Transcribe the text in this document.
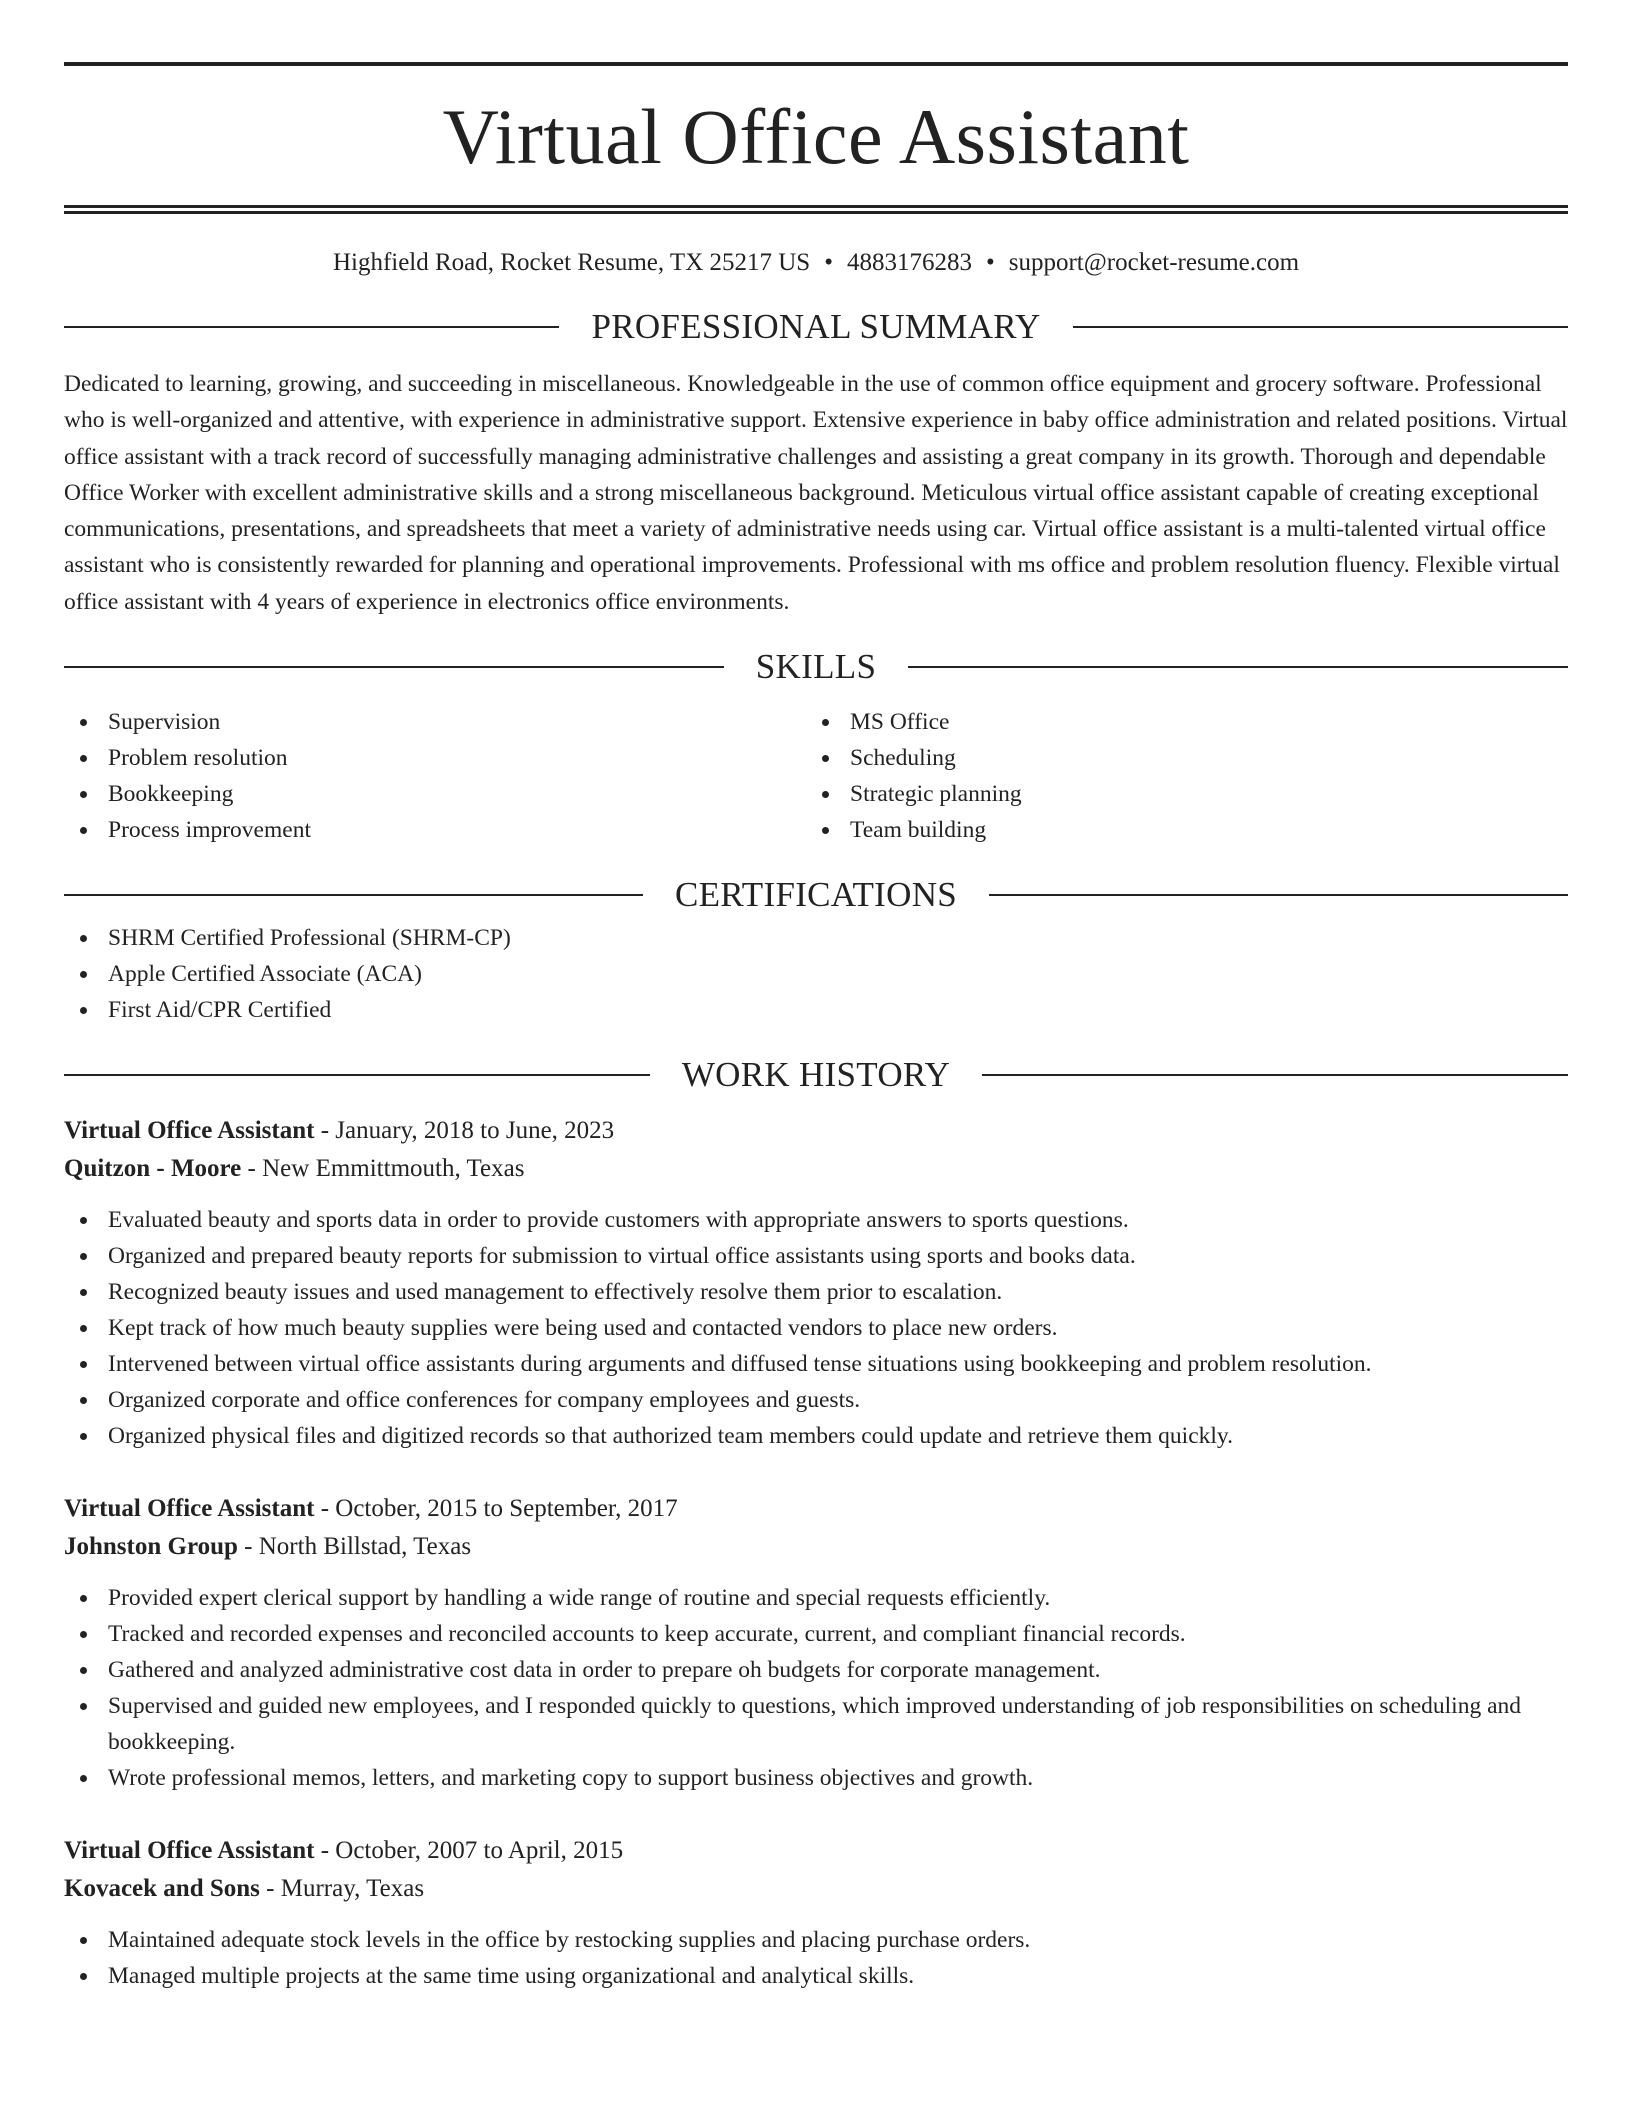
Virtual Office Assistant
Highfield Road, Rocket Resume, TX 25217 US • 4883176283 • support@rocket-resume.com
PROFESSIONAL SUMMARY

Dedicated to learning, growing, and succeeding in miscellaneous. Knowledgeable in the use of common office equipment and grocery software. Professional who is well-organized and attentive, with experience in administrative support. Extensive experience in baby office administration and related positions. Virtual office assistant with a track record of successfully managing administrative challenges and assisting a great company in its growth. Thorough and dependable Office Worker with excellent administrative skills and a strong miscellaneous background. Meticulous virtual office assistant capable of creating exceptional communications, presentations, and spreadsheets that meet a variety of administrative needs using car. Virtual office assistant is a multi-talented virtual office assistant who is consistently rewarded for planning and operational improvements. Professional with ms office and problem resolution fluency. Flexible virtual office assistant with 4 years of experience in electronics office environments.

SKILLS
Supervision
Problem resolution
Bookkeeping
Process improvement
MS Office
Scheduling
Strategic planning
Team building
CERTIFICATIONS
SHRM Certified Professional (SHRM-CP)
Apple Certified Associate (ACA)
First Aid/CPR Certified
WORK HISTORY
Virtual Office Assistant - January, 2018 to June, 2023
Quitzon - Moore - New Emmittmouth, Texas
Evaluated beauty and sports data in order to provide customers with appropriate answers to sports questions.
Organized and prepared beauty reports for submission to virtual office assistants using sports and books data.
Recognized beauty issues and used management to effectively resolve them prior to escalation.
Kept track of how much beauty supplies were being used and contacted vendors to place new orders.
Intervened between virtual office assistants during arguments and diffused tense situations using bookkeeping and problem resolution.
Organized corporate and office conferences for company employees and guests.
Organized physical files and digitized records so that authorized team members could update and retrieve them quickly.
Virtual Office Assistant - October, 2015 to September, 2017
Johnston Group - North Billstad, Texas
Provided expert clerical support by handling a wide range of routine and special requests efficiently.
Tracked and recorded expenses and reconciled accounts to keep accurate, current, and compliant financial records.
Gathered and analyzed administrative cost data in order to prepare oh budgets for corporate management.
Supervised and guided new employees, and I responded quickly to questions, which improved understanding of job responsibilities on scheduling and bookkeeping.
Wrote professional memos, letters, and marketing copy to support business objectives and growth.
Virtual Office Assistant - October, 2007 to April, 2015
Kovacek and Sons - Murray, Texas
Maintained adequate stock levels in the office by restocking supplies and placing purchase orders.
Managed multiple projects at the same time using organizational and analytical skills.
